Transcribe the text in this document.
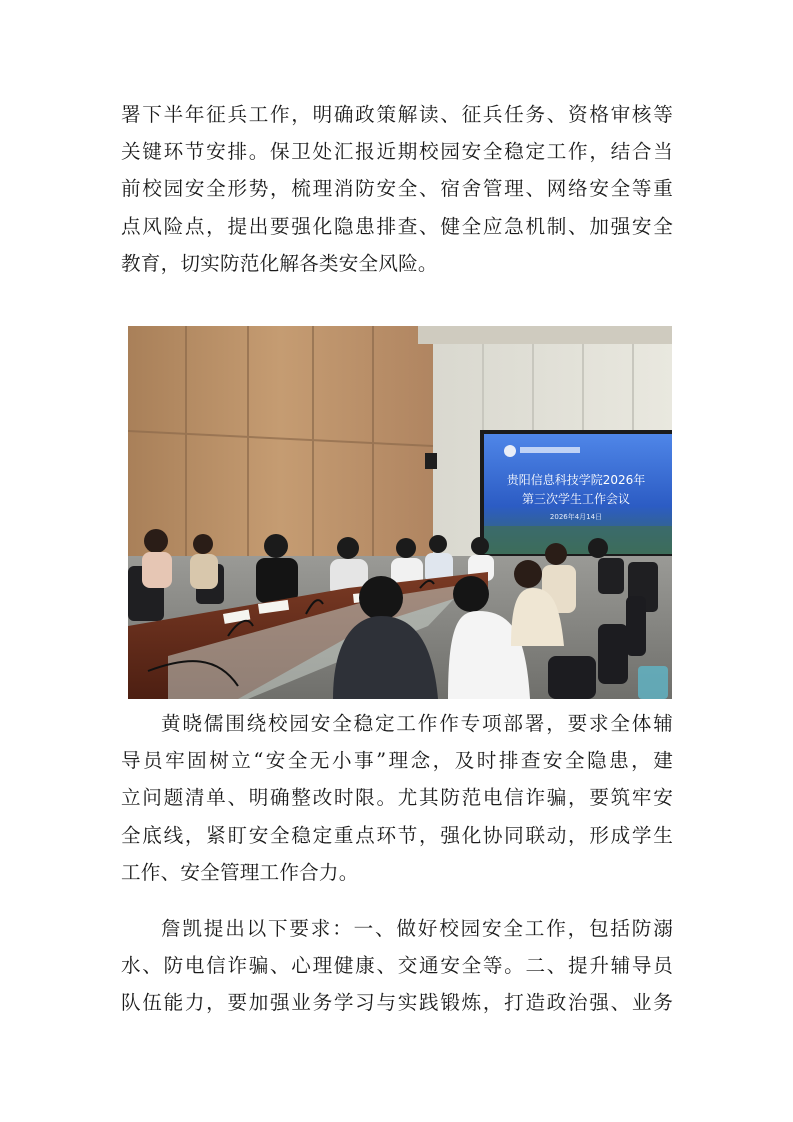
署下半年征兵工作，明确政策解读、征兵任务、资格审核等
关键环节安排。保卫处汇报近期校园安全稳定工作，结合当
前校园安全形势，梳理消防安全、宿舍管理、网络安全等重
点风险点，提出要强化隐患排查、健全应急机制、加强安全
教育，切实防范化解各类安全风险。
贵阳信息科技学院2026年
第三次学生工作会议
2026年4月14日
黄晓儒围绕校园安全稳定工作作专项部署，要求全体辅
导员牢固树立“安全无小事”理念，及时排查安全隐患，建
立问题清单、明确整改时限。尤其防范电信诈骗，要筑牢安
全底线，紧盯安全稳定重点环节，强化协同联动，形成学生
工作、安全管理工作合力。
詹凯提出以下要求：一、做好校园安全工作，包括防溺
水、防电信诈骗、心理健康、交通安全等。二、提升辅导员
队伍能力，要加强业务学习与实践锻炼，打造政治强、业务
